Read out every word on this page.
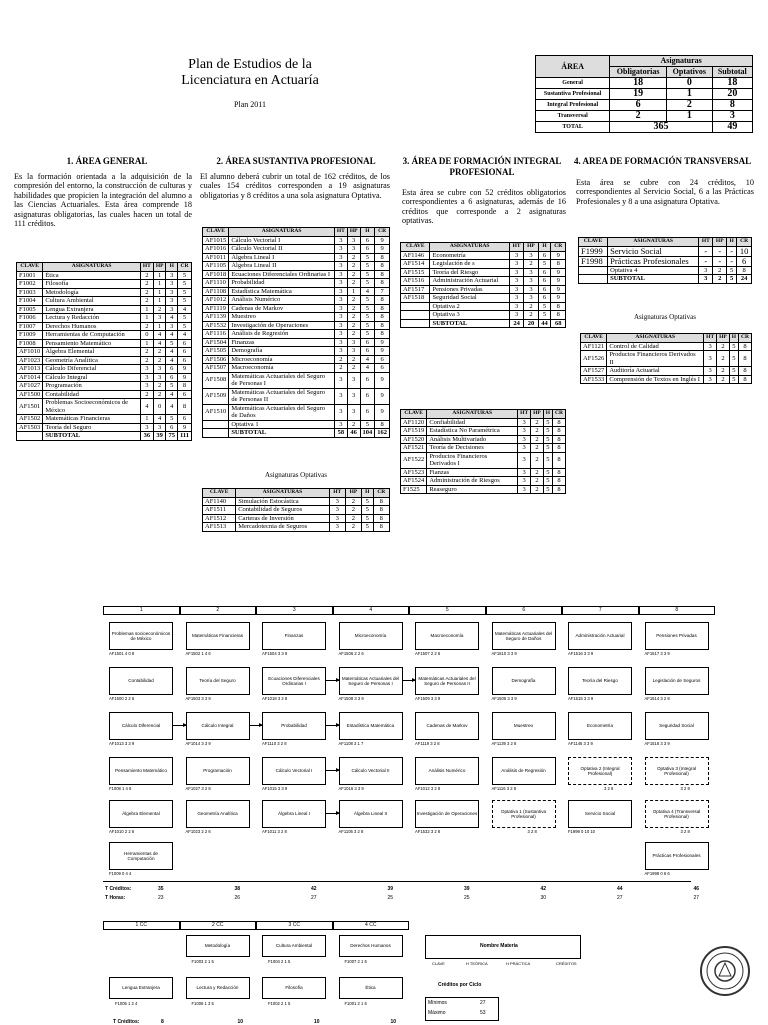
Plan de Estudios de la
Licenciatura en Actuaría
Plan 2011
ÁREA	Asignaturas		
	Obligatorias	Optativos	Subtotal
General	18	0	18
Sustantiva Profesional	19	1	20
Integral Profesional	6	2	8
Transversal	2	1	3
TOTAL	365		49
1. ÁREA GENERAL
Es la formación orientada a la adquisición de la compresión del entorno, la construcción de culturas y habilidades que propicien la integración del alumno a las Ciencias Actuariales. Esta área comprende 18 asignaturas obligatorias, las cuales hacen un total de 111 créditos.
CLAVE	ASIGNATURAS	HT	HP	H	CR
F1001	Ética	2	1	3	5
F1002	Filosofía	2	1	3	5
F1003	Metodología	2	1	3	5
F1004	Cultura Ambiental	2	1	3	5
F1005	Lengua Extranjera	1	2	3	4
F1006	Lectura y Redacción	1	3	4	5
F1007	Derechos Humanos	2	1	3	5
F1009	Herramientas de Computación	0	4	4	4
F1008	Pensamiento Matemático	1	4	5	6
AF1010	Álgebra Elemental	2	2	4	6
AF1023	Geometría Analítica	2	2	4	6
AF1013	Cálculo Diferencial	3	3	6	9
AF1014	Cálculo Integral	3	3	6	9
AF1027	Programación	3	2	5	8
AF1500	Contabilidad	2	2	4	6
AF1501	Problemas Socioeconómicos de México	4	0	4	8
AF1502	Matemáticas Financieras	1	4	5	6
AF1503	Teoría del Seguro	3	3	6	9
	SUBTOTAL	36	39	75	111
2. ÁREA SUSTANTIVA PROFESIONAL
El alumno deberá cubrir un total de 162 créditos, de los cuales 154 créditos corresponden a 19 asignaturas obligatorias y 8 créditos a una sola asignatura Optativa.
CLAVE	ASIGNATURAS	HT	HP	H	CR
AF1015	Cálculo Vectorial I	3	3	6	9
AF1016	Cálculo Vectorial II	3	3	6	9
AF1011	Álgebra Lineal I	3	2	5	8
AF1105	Álgebra Lineal II	3	2	5	8
AF1018	Ecuaciones Diferenciales Ordinarias I	3	2	5	8
AF1110	Probabilidad	3	2	5	8
AF1108	Estadística Matemática	3	1	4	7
AF1012	Análisis Numérico	3	2	5	8
AF1119	Cadenas de Markov	3	2	5	8
AF1139	Muestreo	3	2	5	8
AF1532	Investigación de Operaciones	3	2	5	8
AF1116	Análisis de Regresión	3	2	5	8
AF1504	Finanzas	3	3	6	9
AF1505	Demografía	3	3	6	9
AF1506	Microeconomía	2	2	4	6
AF1507	Macroeconomía	2	2	4	6
AF1508	Matemáticas Actuariales del Seguro de Personas I	3	3	6	9
AF1509	Matemáticas Actuariales del Seguro de Personas II	3	3	6	9
AF1510	Matemáticas Actuariales del Seguro de Daños	3	3	6	9
	Optativa 1	3	2	5	8
	SUBTOTAL	58	46	104	162
Asignaturas Optativas
CLAVE	ASIGNATURAS	HT	HP	H	CR
AF1140	Simulación Estocástica	3	2	5	8
AF1511	Contabilidad de Seguros	3	2	5	8
AF1512	Carteras de Inversión	3	2	5	8
AF1513	Mercadotecnia de Seguros	3	2	5	8
3. ÁREA DE FORMACIÓN INTEGRAL PROFESIONAL
Esta área se cubre con 52 créditos obligatorios correspondientes a 6 asignaturas, además de 16 créditos que corresponde a 2 asignaturas optativas.
CLAVE	ASIGNATURAS	HT	HP	H	CR
AF1146	Econometría	3	3	6	9
AF1514	Legislación de s	3	2	5	8
AF1515	Teoría del Riesgo	3	3	6	9
AF1516	Administración Actuarial	3	3	6	9
AF1517	Pensiones Privadas	3	3	6	9
AF1518	Seguridad Social	3	3	6	9
	Optativa 2	3	2	5	8
	Optativa 3	3	2	5	8
	SUBTOTAL	24	20	44	68
CLAVE	ASIGNATURAS	HT	HP	H	CR
AF1120	Confiabilidad	3	2	5	8
AF1519	Estadística No Paramétrica	3	2	5	8
AF1520	Análisis Multivariado	3	2	5	8
AF1521	Teoría de Decisiones	3	2	5	8
AF1522	Productos Financieros Derivados I	3	2	5	8
AF1523	Fianzas	3	2	5	8
AF1524	Administración de Riesgos	3	2	5	8
F1525	Reaseguro	3	2	5	8
4. AREA DE FORMACIÓN TRANSVERSAL
Esta área se cubre con 24 créditos, 10 correspondientes al Servicio Social, 6 a las Prácticas Profesionales y 8 a una asignatura Optativa.
CLAVE	ASIGNATURAS	HT	HP	H	CR
F1999	Servicio Social	-	-	-	10
F1998	Prácticas Profesionales	-	-	-	6
	Optativa 4	3	2	5	8
	SUBTOTAL	3	2	5	24
Asignaturas Optativas
CLAVE	ASIGNATURAS	HT	HP	H	CR
AF1121	Control de Calidad	3	2	5	8
AF1526	Productos Financieros Derivados II	3	2	5	8
AF1527	Auditoría Actuarial	3	2	5	8
AF1533	Comprensión de Textos en Inglés I	3	2	5	8
1	2	3	4	5	6	7	8
Problemas socioeconómicos de México
AF1501 4 0 8
Matemáticas Financieras
AF1502 1 4 6
Finanzas
AF1504 3 3 9
Microeconomía
AF1506 2 2 6
Macroeconomía
AF1507 2 2 6
Matemáticas Actuariales del Seguro de Daños
AF1510 3 3 9
Administración Actuarial
AF1516 3 3 9
Pensiones Privadas
AF1517 3 3 9
Contabilidad
AF1500 2 2 6
Teoría del Seguro
AF1503 3 3 9
Ecuaciones Diferenciales Ordinarias I
AF1018 3 2 8
Matemáticas Actuariales del Seguro de Personas I
AF1508 3 3 9
Matemáticas Actuariales del Seguro de Personas II
AF1509 3 3 9
Demografía
AF1505 3 3 9
Teoría del Riesgo
AF1515 3 3 9
Legislación de Seguros
AF1514 3 2 8
Cálculo Diferencial
AF1013 3 3 9
Cálculo Integral
AF1014 3 3 9
Probabilidad
AF1110 3 2 8
Estadística Matemática
AF1108 3 1 7
Cadenas de Markov
AF1119 3 2 8
Muestreo
AF1139 3 2 8
Econometría
AF1146 3 3 9
Seguridad Social
AF1518 3 3 9
Pensamiento Matemático
F1008 1 4 6
Programación
AF1027 3 2 8
Cálculo Vectorial I
AF1015 3 3 9
Cálculo Vectorial II
AF1016 3 3 9
Análisis Numérico
AF1012 3 2 8
Análisis de Regresión
AF1116 3 2 8
Optativa 2 (Integral Profesional)
3 2 8
Optativa 3 (Integral Profesional)
3 2 8
Álgebra Elemental
AF1010 2 2 6
Geometría Analítica
AF1023 2 2 6
Álgebra Lineal I
AF1011 3 2 8
Álgebra Lineal II
AF1105 3 2 8
Investigación de Operaciones
AF1532 3 2 8
Optativa 1 (Sustantiva Profesional)
3 2 8
Servicio Social
F1999 0 10 10
Optativa 4 (Transversal Profesional)
3 2 8
Herramientas de Computación
F1009 0 4 4
Prácticas Profesionales
AF1998 0 6 6
T Créditos:
T Horas:
35	38	42	39	39	42	44	46
23	26	27	25	25	30	27	27
1 CC	2 CC	3 CC	4 CC
Metodología
F1003 2 1 5
Cultura Ambiental
F1004 2 1 5
Derechos Humanos
F1007 2 1 5
Lengua Extranjera
F1005 1 2 4
Lectura y Redacción
F1006 1 3 5
Filosofía
F1002 2 1 5
Ética
F1001 2 1 5
T Créditos:	8	10	10	10
Nombre Materia
CLAVE	H TEÓRICA	H PRÁCTICA	CRÉDITOS
Créditos por Ciclo
Mínimos	27
Máximo	53
